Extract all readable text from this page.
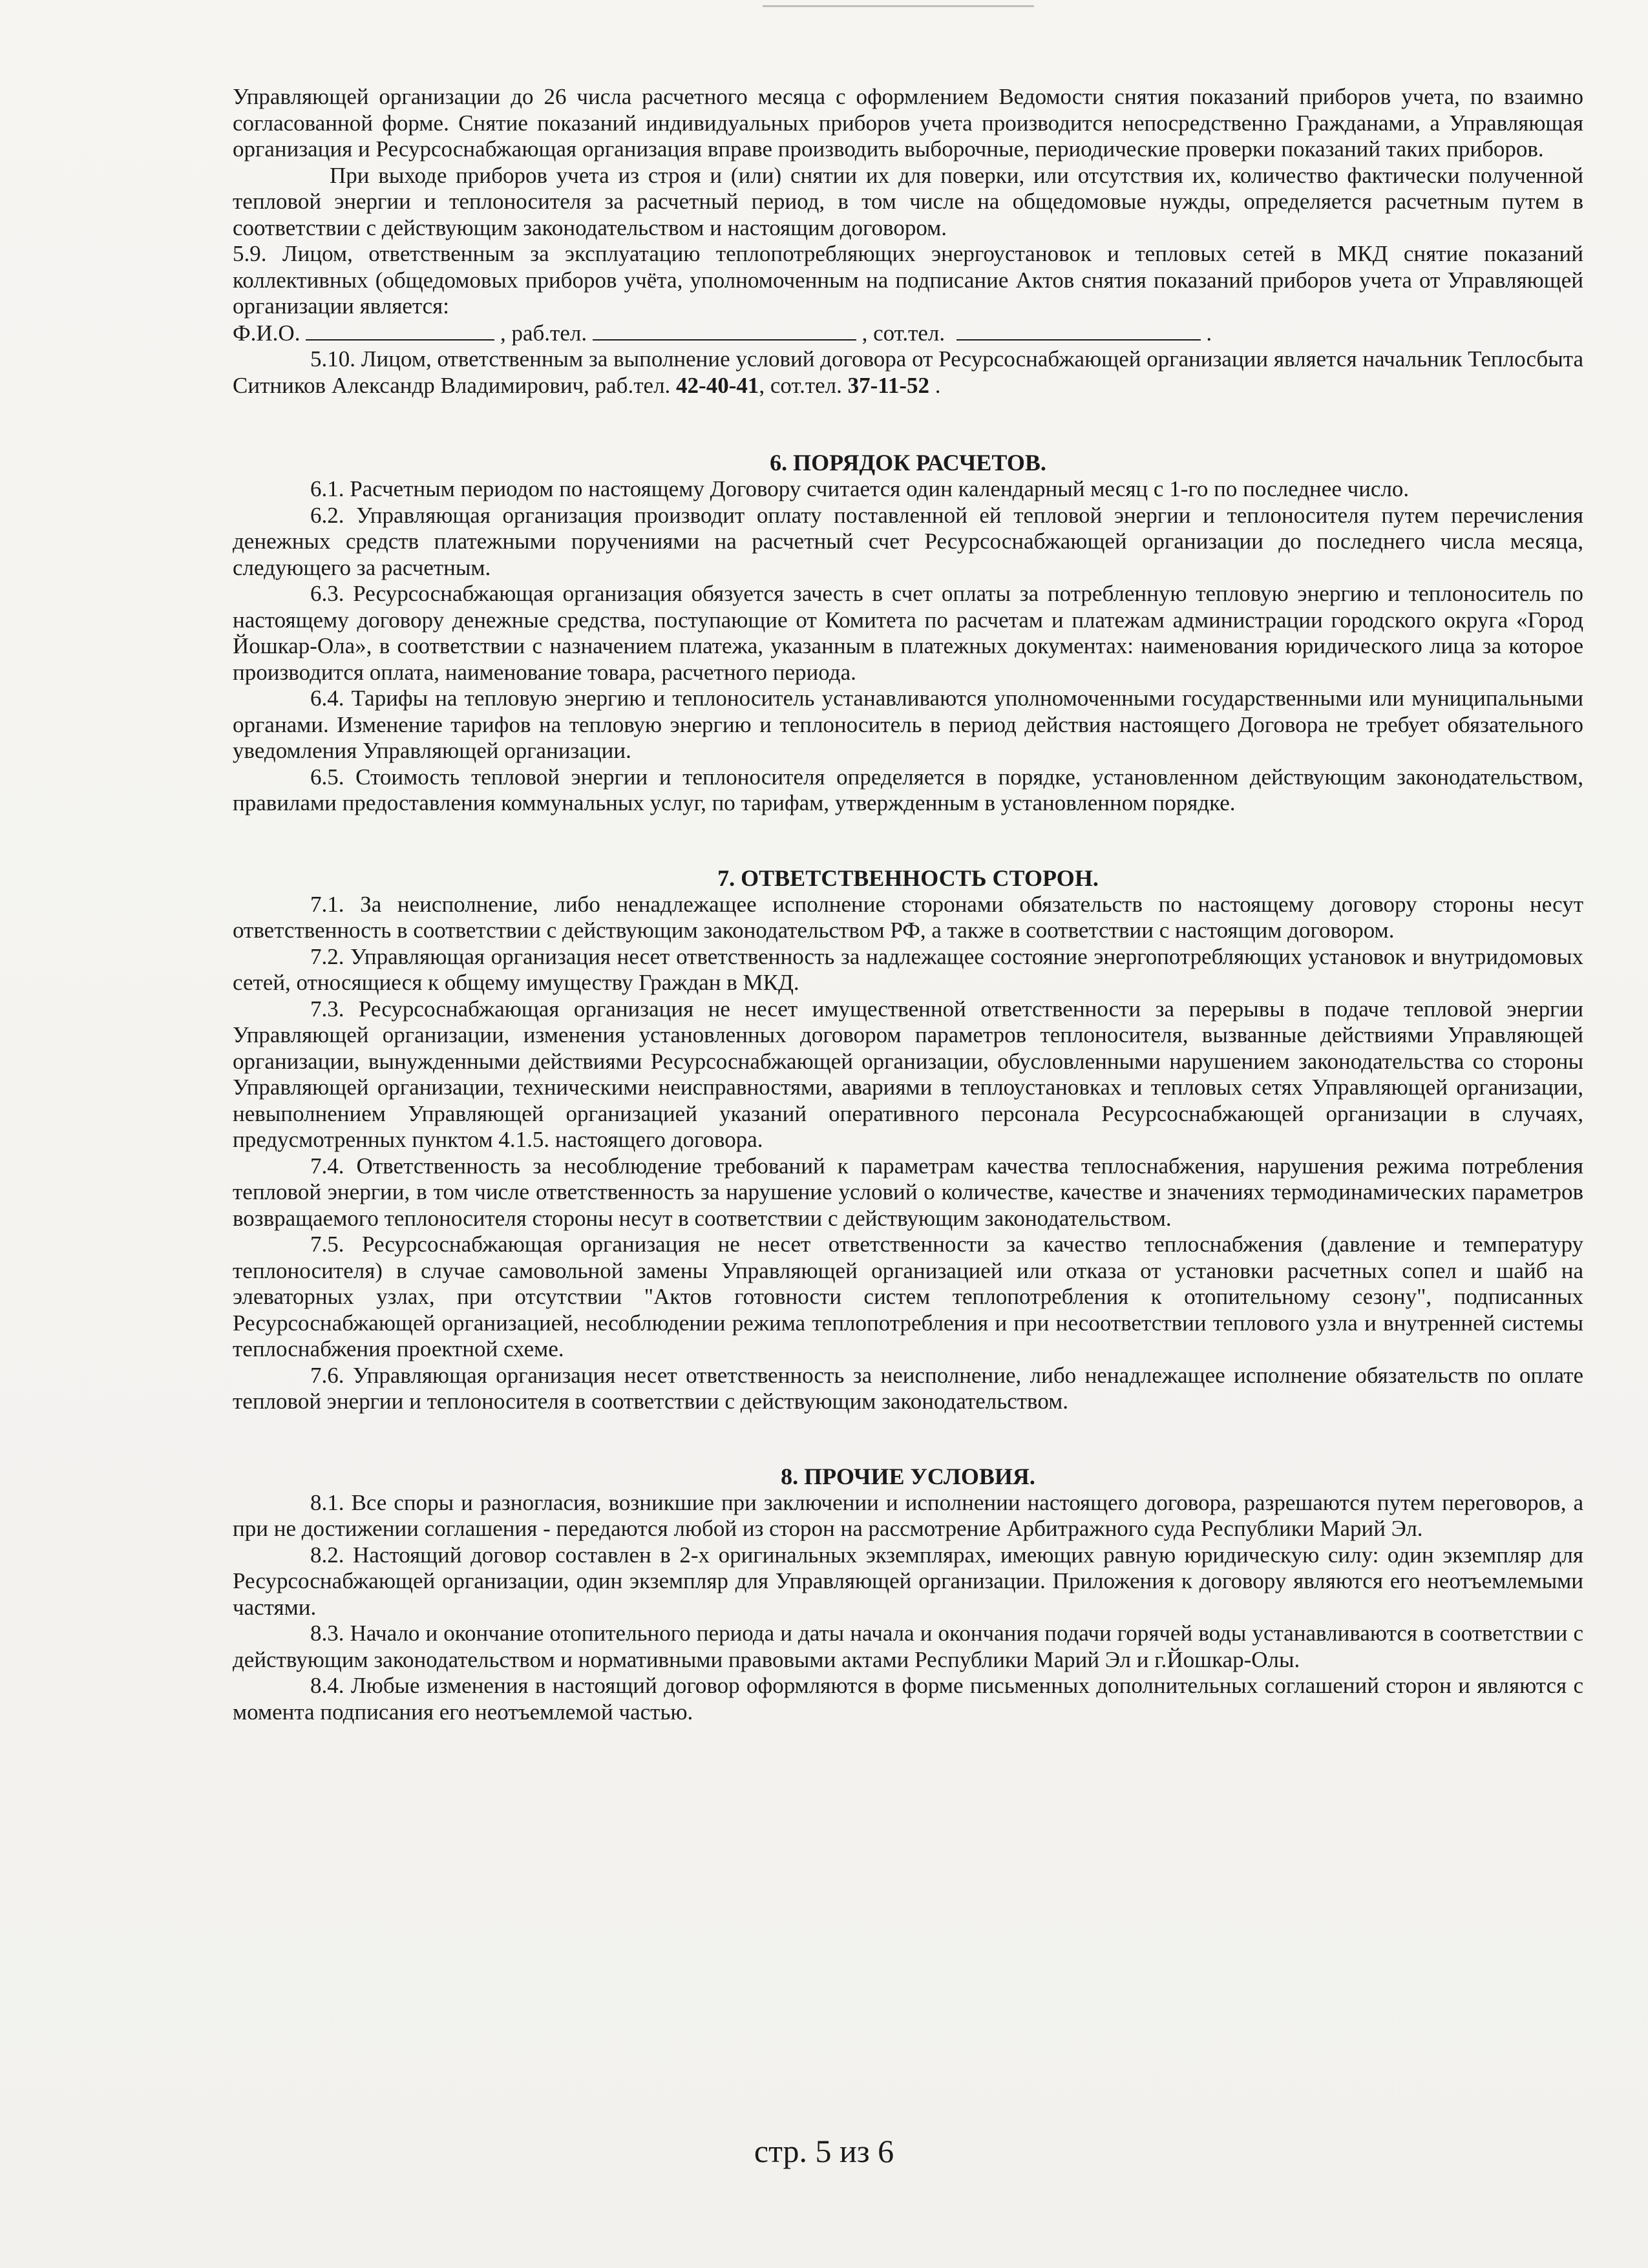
Управляющей организации до 26 числа расчетного месяца с оформлением Ведомости снятия показаний приборов учета, по взаимно согласованной форме. Снятие показаний индивидуальных приборов учета производится непосредственно Гражданами, а Управляющая организация и Ресурсоснабжающая организация вправе производить выборочные, периодические проверки показаний таких приборов.

При выходе приборов учета из строя и (или) снятии их для поверки, или отсутствия их, количество фактически полученной тепловой энергии и теплоносителя за расчетный период, в том числе на общедомовые нужды, определяется расчетным путем в соответствии с действующим законодательством и настоящим договором.

5.9. Лицом, ответственным за эксплуатацию теплопотребляющих энергоустановок и тепловых сетей в МКД снятие показаний коллективных (общедомовых приборов учёта, уполномоченным на подписание Актов снятия показаний приборов учета от Управляющей организации является:

Ф.И.О.	, раб.тел.	, сот.тел.	.

5.10. Лицом, ответственным за выполнение условий договора от Ресурсоснабжающей организации является начальник Теплосбыта Ситников Александр Владимирович, раб.тел. 42-40-41, сот.тел. 37-11-52 .

6. ПОРЯДОК РАСЧЕТОВ.

6.1. Расчетным периодом по настоящему Договору считается один календарный месяц с 1-го по последнее число.

6.2. Управляющая организация производит оплату поставленной ей тепловой энергии и теплоносителя путем перечисления денежных средств платежными поручениями на расчетный счет Ресурсоснабжающей организации до последнего числа месяца, следующего за расчетным.

6.3. Ресурсоснабжающая организация обязуется зачесть в счет оплаты за потребленную тепловую энергию и теплоноситель по настоящему договору денежные средства, поступающие от Комитета по расчетам и платежам администрации городского округа «Город Йошкар-Ола», в соответствии с назначением платежа, указанным в платежных документах: наименования юридического лица за которое производится оплата, наименование товара, расчетного периода.

6.4. Тарифы на тепловую энергию и теплоноситель устанавливаются уполномоченными государственными или муниципальными органами. Изменение тарифов на тепловую энергию и теплоноситель в период действия настоящего Договора не требует обязательного уведомления Управляющей организации.

6.5. Стоимость тепловой энергии и теплоносителя определяется в порядке, установленном действующим законодательством, правилами предоставления коммунальных услуг, по тарифам, утвержденным в установленном порядке.

7. ОТВЕТСТВЕННОСТЬ СТОРОН.

7.1. За неисполнение, либо ненадлежащее исполнение сторонами обязательств по настоящему договору стороны несут ответственность в соответствии с действующим законодательством РФ, а также в соответствии с настоящим договором.

7.2. Управляющая организация несет ответственность за надлежащее состояние энергопотребляющих установок и внутридомовых сетей, относящиеся к общему имуществу Граждан в МКД.

7.3. Ресурсоснабжающая организация не несет имущественной ответственности за перерывы в подаче тепловой энергии Управляющей организации, изменения установленных договором параметров теплоносителя, вызванные действиями Управляющей организации, вынужденными действиями Ресурсоснабжающей организации, обусловленными нарушением законодательства со стороны Управляющей организации, техническими неисправностями, авариями в теплоустановках и тепловых сетях Управляющей организации, невыполнением Управляющей организацией указаний оперативного персонала Ресурсоснабжающей организации в случаях, предусмотренных пунктом 4.1.5. настоящего договора.

7.4. Ответственность за несоблюдение требований к параметрам качества теплоснабжения, нарушения режима потребления тепловой энергии, в том числе ответственность за нарушение условий о количестве, качестве и значениях термодинамических параметров возвращаемого теплоносителя стороны несут в соответствии с действующим законодательством.

7.5. Ресурсоснабжающая организация не несет ответственности за качество теплоснабжения (давление и температуру теплоносителя) в случае самовольной замены Управляющей организацией или отказа от установки расчетных сопел и шайб на элеваторных узлах, при отсутствии "Актов готовности систем теплопотребления к отопительному сезону", подписанных Ресурсоснабжающей организацией, несоблюдении режима теплопотребления и при несоответствии теплового узла и внутренней системы теплоснабжения проектной схеме.

7.6. Управляющая организация несет ответственность за неисполнение, либо ненадлежащее исполнение обязательств по оплате тепловой энергии и теплоносителя в соответствии с действующим законодательством.

8. ПРОЧИЕ УСЛОВИЯ.

8.1. Все споры и разногласия, возникшие при заключении и исполнении настоящего договора, разрешаются путем переговоров, а при не достижении соглашения - передаются любой из сторон на рассмотрение Арбитражного суда Республики Марий Эл.

8.2. Настоящий договор составлен в 2-х оригинальных экземплярах, имеющих равную юридическую силу: один экземпляр для Ресурсоснабжающей организации, один экземпляр для Управляющей организации. Приложения к договору являются его неотъемлемыми частями.

8.3. Начало и окончание отопительного периода и даты начала и окончания подачи горячей воды устанавливаются в соответствии с действующим законодательством и нормативными правовыми актами Республики Марий Эл и г.Йошкар-Олы.

8.4. Любые изменения в настоящий договор оформляются в форме письменных дополнительных соглашений сторон и являются с момента подписания его неотъемлемой частью.

стр. 5 из 6
